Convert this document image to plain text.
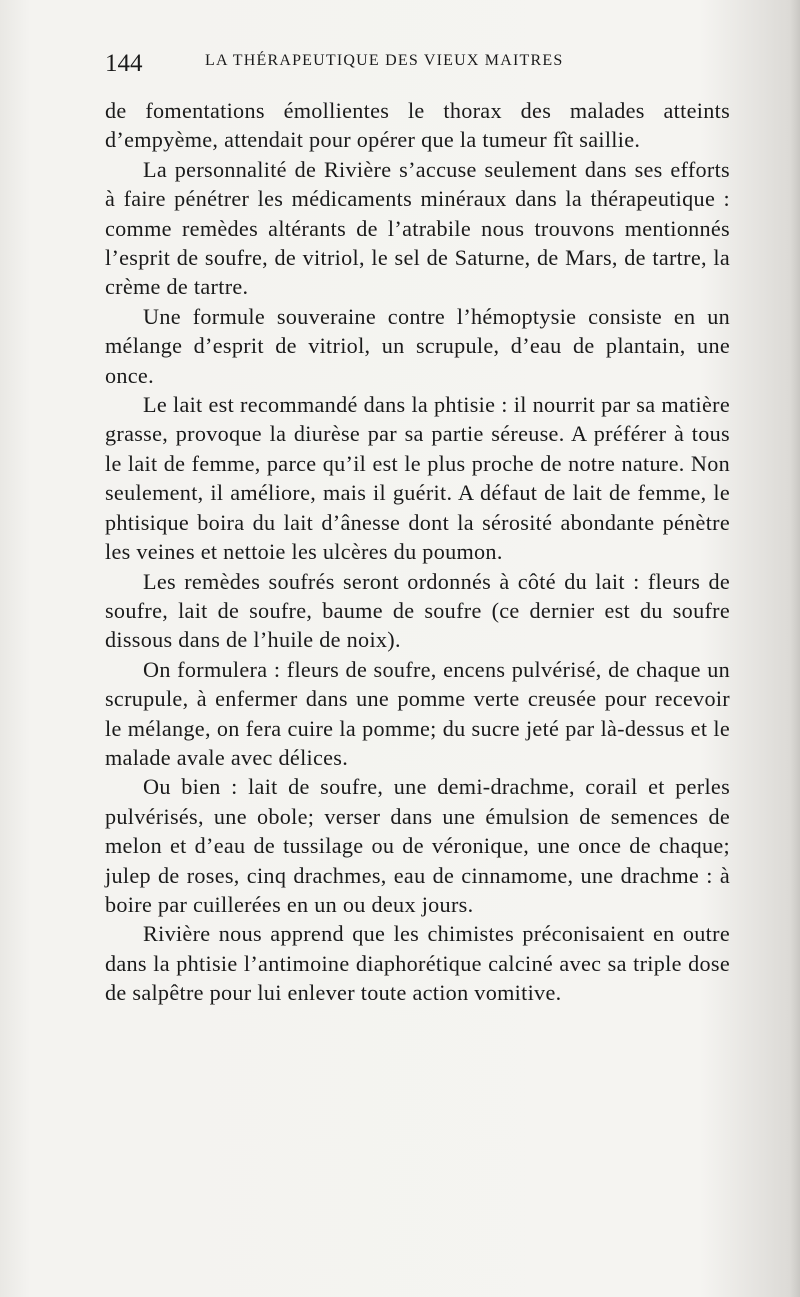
144	LA THÉRAPEUTIQUE DES VIEUX MAITRES

de fomentations émollientes le thorax des malades atteints d’empyème, attendait pour opérer que la tumeur fît saillie.

La personnalité de Rivière s’accuse seulement dans ses efforts à faire pénétrer les médicaments minéraux dans la thérapeutique : comme remèdes altérants de l’atrabile nous trouvons mentionnés l’esprit de soufre, de vitriol, le sel de Saturne, de Mars, de tartre, la crème de tartre.

Une formule souveraine contre l’hémoptysie consiste en un mélange d’esprit de vitriol, un scrupule, d’eau de plantain, une once.

Le lait est recommandé dans la phtisie : il nourrit par sa matière grasse, provoque la diurèse par sa partie séreuse. A préférer à tous le lait de femme, parce qu’il est le plus proche de notre nature. Non seulement, il améliore, mais il guérit. A défaut de lait de femme, le phtisique boira du lait d’ânesse dont la sérosité abondante pénètre les veines et nettoie les ulcères du poumon.

Les remèdes soufrés seront ordonnés à côté du lait : fleurs de soufre, lait de soufre, baume de soufre (ce dernier est du soufre dissous dans de l’huile de noix).

On formulera : fleurs de soufre, encens pulvérisé, de chaque un scrupule, à enfermer dans une pomme verte creusée pour recevoir le mélange, on fera cuire la pomme; du sucre jeté par là-dessus et le malade avale avec délices.

Ou bien : lait de soufre, une demi-drachme, corail et perles pulvérisés, une obole; verser dans une émulsion de semences de melon et d’eau de tussilage ou de véronique, une once de chaque; julep de roses, cinq drachmes, eau de cinnamome, une drachme : à boire par cuillerées en un ou deux jours.

Rivière nous apprend que les chimistes préconisaient en outre dans la phtisie l’antimoine diaphorétique calciné avec sa triple dose de salpêtre pour lui enlever toute action vomitive.
